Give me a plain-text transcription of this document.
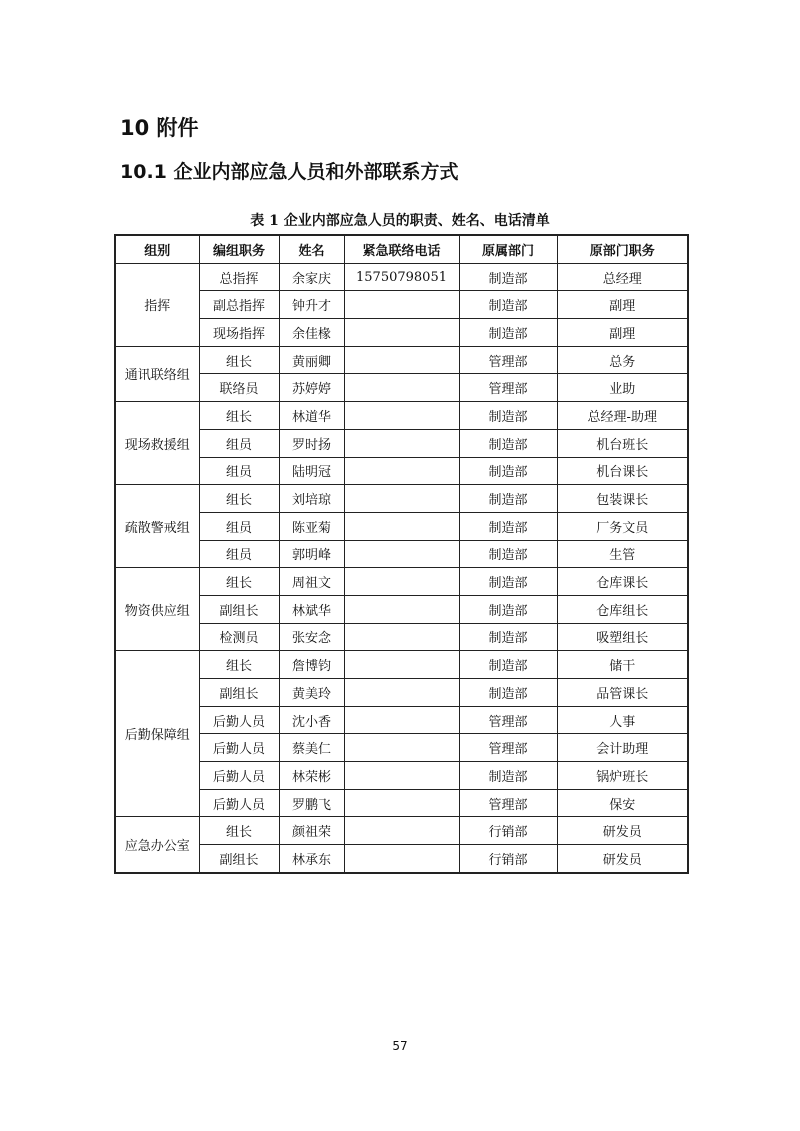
10 附件
10.1 企业内部应急人员和外部联系方式
表 1 企业内部应急人员的职责、姓名、电话清单
组别	编组职务	姓名	紧急联络电话	原属部门	原部门职务
指挥	总指挥	余家庆	15750798051	制造部	总经理
	副总指挥	钟升才		制造部	副理
	现场指挥	余佳椽		制造部	副理
通讯联络组	组长	黄丽卿		管理部	总务
	联络员	苏婷婷		管理部	业助
现场救援组	组长	林道华		制造部	总经理-助理
	组员	罗时扬		制造部	机台班长
	组员	陆明冠		制造部	机台课长
疏散警戒组	组长	刘培琼		制造部	包装课长
	组员	陈亚菊		制造部	厂务文员
	组员	郭明峰		制造部	生管
物资供应组	组长	周祖文		制造部	仓库课长
	副组长	林斌华		制造部	仓库组长
	检测员	张安念		制造部	吸塑组长
后勤保障组	组长	詹博钧		制造部	储干
	副组长	黄美玲		制造部	品管课长
	后勤人员	沈小香		管理部	人事
	后勤人员	蔡美仁		管理部	会计助理
	后勤人员	林荣彬		制造部	锅炉班长
	后勤人员	罗鹏飞		管理部	保安
应急办公室	组长	颜祖荣		行销部	研发员
	副组长	林承东		行销部	研发员
57
